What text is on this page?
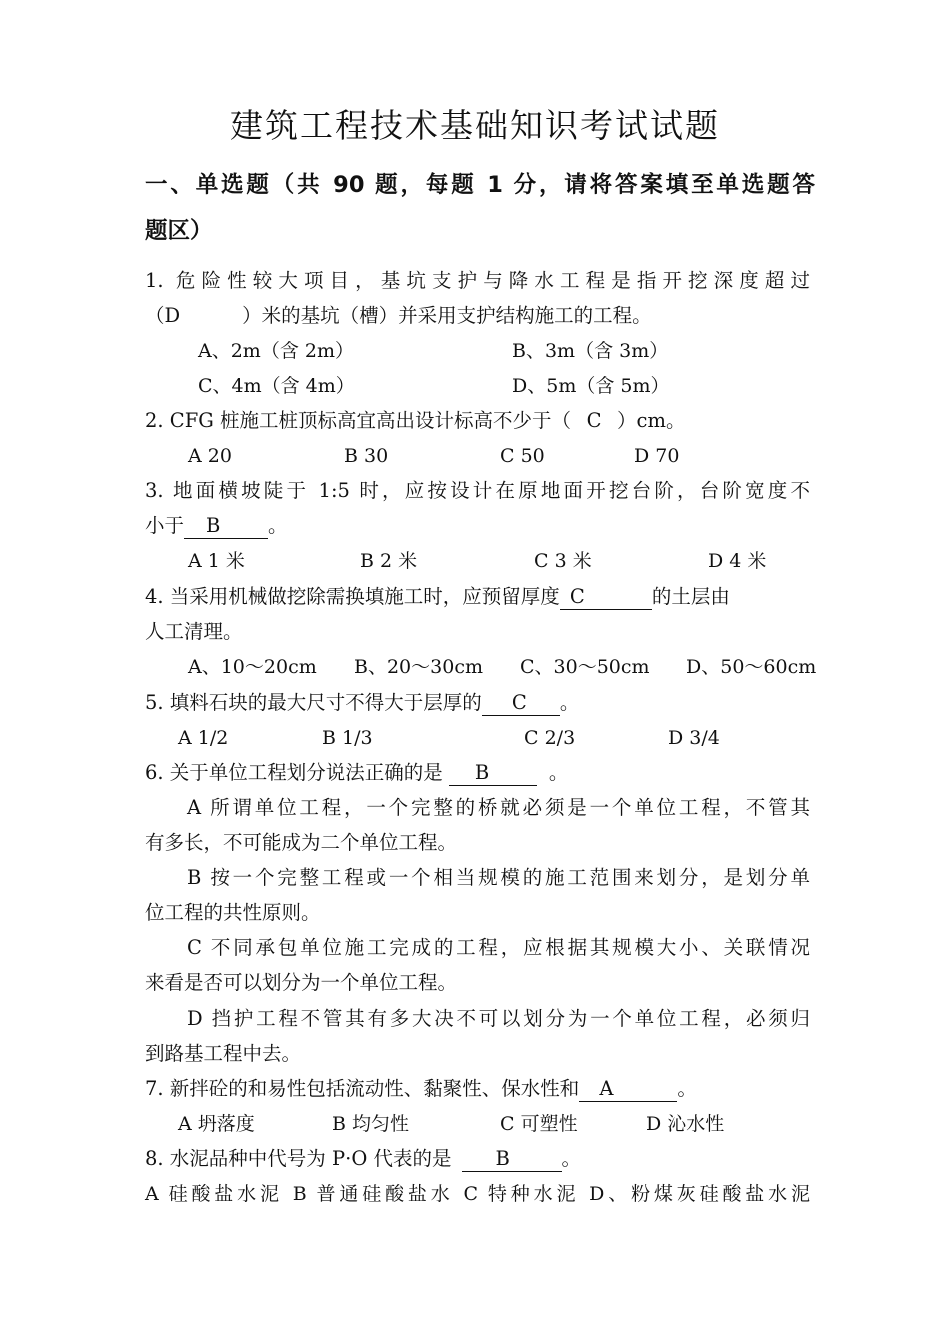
建筑工程技术基础知识考试试题
一、单选题（共 90 题，每题 1 分，请将答案填至单选题答
题区）
1. 危险性较大项目，基坑支护与降水工程是指开挖深度超过
（D	）米的基坑（槽）并采用支护结构施工的工程。
A、2m（含 2m）	B、3m（含 3m）
C、4m（含 4m）	D、5m（含 5m）
2. CFG 桩施工桩顶标高宜高出设计标高不少于（ C ）cm。
A 20	B 30	C 50	D 70
3. 地面横坡陡于 1:5 时，应按设计在原地面开挖台阶，台阶宽度不
小于 B 。
A 1 米	B 2 米	C 3 米	D 4 米
4. 当采用机械做挖除需换填施工时，应预留厚度 C	的土层由
人工清理。
A、10～20cm B、20～30cm C、30～50cm D、50～60cm
5. 填料石块的最大尺寸不得大于层厚的 C 。
A 1/2	B 1/3	C 2/3	D 3/4
6. 关于单位工程划分说法正确的是 B	。
A 所谓单位工程，一个完整的桥就必须是一个单位工程，不管其
有多长，不可能成为二个单位工程。
B 按一个完整工程或一个相当规模的施工范围来划分，是划分单
位工程的共性原则。
C 不同承包单位施工完成的工程，应根据其规模大小、关联情况
来看是否可以划分为一个单位工程。
D 挡护工程不管其有多大决不可以划分为一个单位工程，必须归
到路基工程中去。
7. 新拌砼的和易性包括流动性、黏聚性、保水性和 A	。
A 坍落度	B 均匀性	C 可塑性	D 沁水性
8. 水泥品种中代号为 P·O 代表的是 B	。
A 硅酸盐水泥 B 普通硅酸盐水 C 特种水泥 D、粉煤灰硅酸盐水泥
